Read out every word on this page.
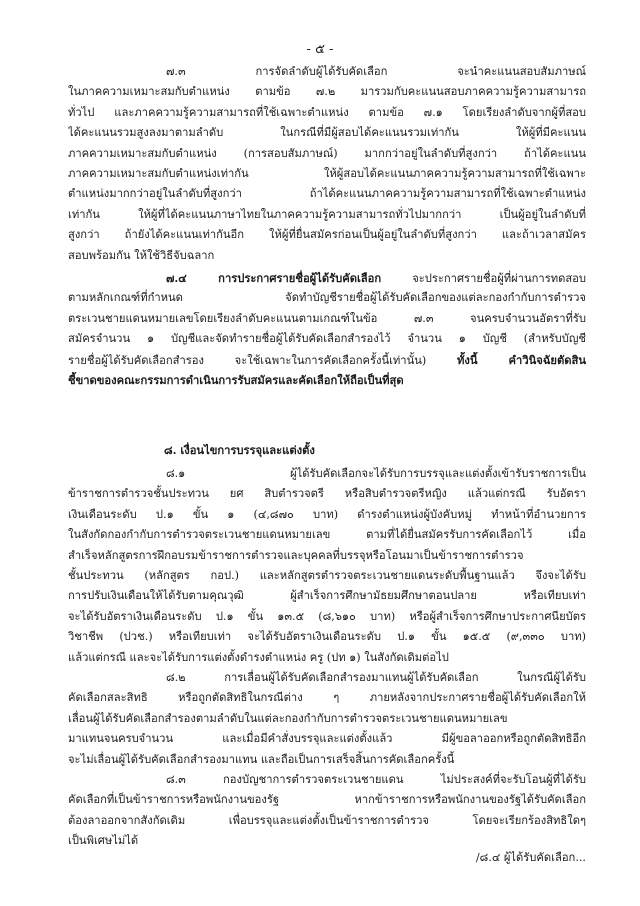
- ๕ -
๗.๓ การจัดลำดับผู้ได้รับคัดเลือก จะนำคะแนนสอบสัมภาษณ์
ในภาคความเหมาะสมกับตำแหน่ง ตามข้อ ๗.๒ มารวมกับคะแนนสอบภาคความรู้ความสามารถ
ทั่วไป และภาคความรู้ความสามารถที่ใช้เฉพาะตำแหน่ง ตามข้อ ๗.๑ โดยเรียงลำดับจากผู้ที่สอบ
ได้คะแนนรวมสูงลงมาตามลำดับ ในกรณีที่มีผู้สอบได้คะแนนรวมเท่ากัน ให้ผู้ที่มีคะแนน
ภาคความเหมาะสมกับตำแหน่ง (การสอบสัมภาษณ์) มากกว่าอยู่ในลำดับที่สูงกว่า ถ้าได้คะแนน
ภาคความเหมาะสมกับตำแหน่งเท่ากัน ให้ผู้สอบได้คะแนนภาคความรู้ความสามารถที่ใช้เฉพาะ
ตำแหน่งมากกว่าอยู่ในลำดับที่สูงกว่า ถ้าได้คะแนนภาคความรู้ความสามารถที่ใช้เฉพาะตำแหน่ง
เท่ากัน ให้ผู้ที่ได้คะแนนภาษาไทยในภาคความรู้ความสามารถทั่วไปมากกว่า เป็นผู้อยู่ในลำดับที่
สูงกว่า ถ้ายังได้คะแนนเท่ากันอีก ให้ผู้ที่ยื่นสมัครก่อนเป็นผู้อยู่ในลำดับที่สูงกว่า และถ้าเวลาสมัคร
สอบพร้อมกัน ให้ใช้วิธีจับฉลาก
๗.๔ การประกาศรายชื่อผู้ได้รับคัดเลือก จะประกาศรายชื่อผู้ที่ผ่านการทดสอบ
ตามหลักเกณฑ์ที่กำหนด จัดทำบัญชีรายชื่อผู้ได้รับคัดเลือกของแต่ละกองกำกับการตำรวจ
ตระเวนชายแดนหมายเลขโดยเรียงลำดับคะแนนตามเกณฑ์ในข้อ ๗.๓ จนครบจำนวนอัตราที่รับ
สมัครจำนวน ๑ บัญชีและจัดทำรายชื่อผู้ได้รับคัดเลือกสำรองไว้ จำนวน ๑ บัญชี (สำหรับบัญชี
รายชื่อผู้ได้รับคัดเลือกสำรอง จะใช้เฉพาะในการคัดเลือกครั้งนี้เท่านั้น) ทั้งนี้ คำวินิจฉัยตัดสิน
ชี้ขาดของคณะกรรมการดำเนินการรับสมัครและคัดเลือกให้ถือเป็นที่สุด
๘. เงื่อนไขการบรรจุและแต่งตั้ง
๘.๑ ผู้ได้รับคัดเลือกจะได้รับการบรรจุและแต่งตั้งเข้ารับราชการเป็น
ข้าราชการตำรวจชั้นประทวน ยศ สิบตำรวจตรี หรือสิบตำรวจตรีหญิง แล้วแต่กรณี รับอัตรา
เงินเดือนระดับ ป.๑ ขั้น ๑ (๔,๘๗๐ บาท) ดำรงตำแหน่งผู้บังคับหมู่ ทำหน้าที่อำนวยการ
ในสังกัดกองกำกับการตำรวจตระเวนชายแดนหมายเลข ตามที่ได้ยื่นสมัครรับการคัดเลือกไว้ เมื่อ
สำเร็จหลักสูตรการฝึกอบรมข้าราชการตำรวจและบุคคลที่บรรจุหรือโอนมาเป็นข้าราชการตำรวจ
ชั้นประทวน (หลักสูตร กอป.) และหลักสูตรตำรวจตระเวนชายแดนระดับพื้นฐานแล้ว จึงจะได้รับ
การปรับเงินเดือนให้ได้รับตามคุณวุฒิ ผู้สำเร็จการศึกษามัธยมศึกษาตอนปลาย หรือเทียบเท่า
จะได้รับอัตราเงินเดือนระดับ ป.๑ ขั้น ๑๓.๕ (๘,๖๑๐ บาท) หรือผู้สำเร็จการศึกษาประกาศนียบัตร
วิชาชีพ (ปวช.) หรือเทียบเท่า จะได้รับอัตราเงินเดือนระดับ ป.๑ ขั้น ๑๕.๕ (๙,๓๓๐ บาท)
แล้วแต่กรณี และจะได้รับการแต่งตั้งดำรงตำแหน่ง ครู (ปท ๑) ในสังกัดเดิมต่อไป
๘.๒ การเลื่อนผู้ได้รับคัดเลือกสำรองมาแทนผู้ได้รับคัดเลือก ในกรณีผู้ได้รับ
คัดเลือกสละสิทธิ หรือถูกตัดสิทธิในกรณีต่าง ๆ ภายหลังจากประกาศรายชื่อผู้ได้รับคัดเลือกให้
เลื่อนผู้ได้รับคัดเลือกสำรองตามลำดับในแต่ละกองกำกับการตำรวจตระเวนชายแดนหมายเลข
มาแทนจนครบจำนวน และเมื่อมีคำสั่งบรรจุและแต่งตั้งแล้ว มีผู้ขอลาออกหรือถูกตัดสิทธิอีก
จะไม่เลื่อนผู้ได้รับคัดเลือกสำรองมาแทน และถือเป็นการเสร็จสิ้นการคัดเลือกครั้งนี้
๘.๓ กองบัญชาการตำรวจตระเวนชายแดน ไม่ประสงค์ที่จะรับโอนผู้ที่ได้รับ
คัดเลือกที่เป็นข้าราชการหรือพนักงานของรัฐ หากข้าราชการหรือพนักงานของรัฐได้รับคัดเลือก
ต้องลาออกจากสังกัดเดิม เพื่อบรรจุและแต่งตั้งเป็นข้าราชการตำรวจ โดยจะเรียกร้องสิทธิใดๆ
เป็นพิเศษไม่ได้
/๘.๔ ผู้ได้รับคัดเลือก...
